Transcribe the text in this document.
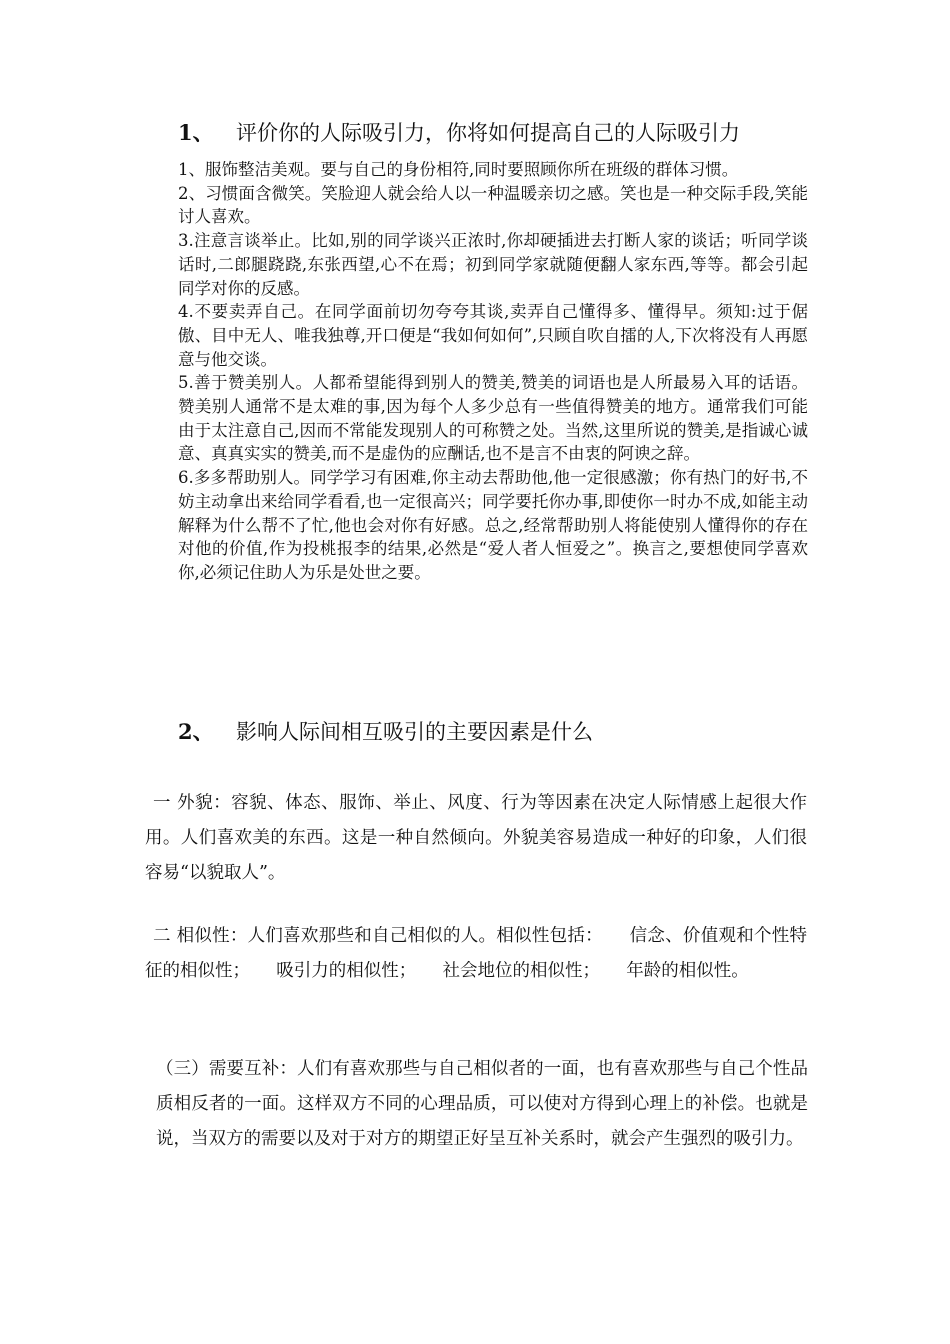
1、 评价你的人际吸引力，你将如何提高自己的人际吸引力

1、服饰整洁美观。要与自己的身份相符,同时要照顾你所在班级的群体习惯。

2、习惯面含微笑。笑脸迎人就会给人以一种温暖亲切之感。笑也是一种交际手段,笑能讨人喜欢。

3.注意言谈举止。比如,别的同学谈兴正浓时,你却硬插进去打断人家的谈话；听同学谈话时,二郎腿跷跷,东张西望,心不在焉；初到同学家就随便翻人家东西,等等。都会引起同学对你的反感。

4.不要卖弄自己。在同学面前切勿夸夸其谈,卖弄自己懂得多、懂得早。须知:过于倨傲、目中无人、唯我独尊,开口便是“我如何如何”,只顾自吹自擂的人,下次将没有人再愿意与他交谈。

5.善于赞美别人。人都希望能得到别人的赞美,赞美的词语也是人所最易入耳的话语。赞美别人通常不是太难的事,因为每个人多少总有一些值得赞美的地方。通常我们可能由于太注意自己,因而不常能发现别人的可称赞之处。当然,这里所说的赞美,是指诚心诚意、真真实实的赞美,而不是虚伪的应酬话,也不是言不由衷的阿谀之辞。

6.多多帮助别人。同学学习有困难,你主动去帮助他,他一定很感激；你有热门的好书,不妨主动拿出来给同学看看,也一定很高兴；同学要托你办事,即使你一时办不成,如能主动解释为什么帮不了忙,他也会对你有好感。总之,经常帮助别人将能使别人懂得你的存在对他的价值,作为投桃报李的结果,必然是“爱人者人恒爱之”。换言之,要想使同学喜欢你,必须记住助人为乐是处世之要。

2、 影响人际间相互吸引的主要因素是什么

一 外貌：容貌、体态、服饰、举止、风度、行为等因素在决定人际情感上起很大作用。人们喜欢美的东西。这是一种自然倾向。外貌美容易造成一种好的印象，人们很容易“以貌取人”。

二 相似性：人们喜欢那些和自己相似的人。相似性包括：　　信念、价值观和个性特征的相似性；　　吸引力的相似性；　　社会地位的相似性；　　年龄的相似性。

（三）需要互补：人们有喜欢那些与自己相似者的一面，也有喜欢那些与自己个性品质相反者的一面。这样双方不同的心理品质，可以使对方得到心理上的补偿。也就是说，当双方的需要以及对于对方的期望正好呈互补关系时，就会产生强烈的吸引力。
